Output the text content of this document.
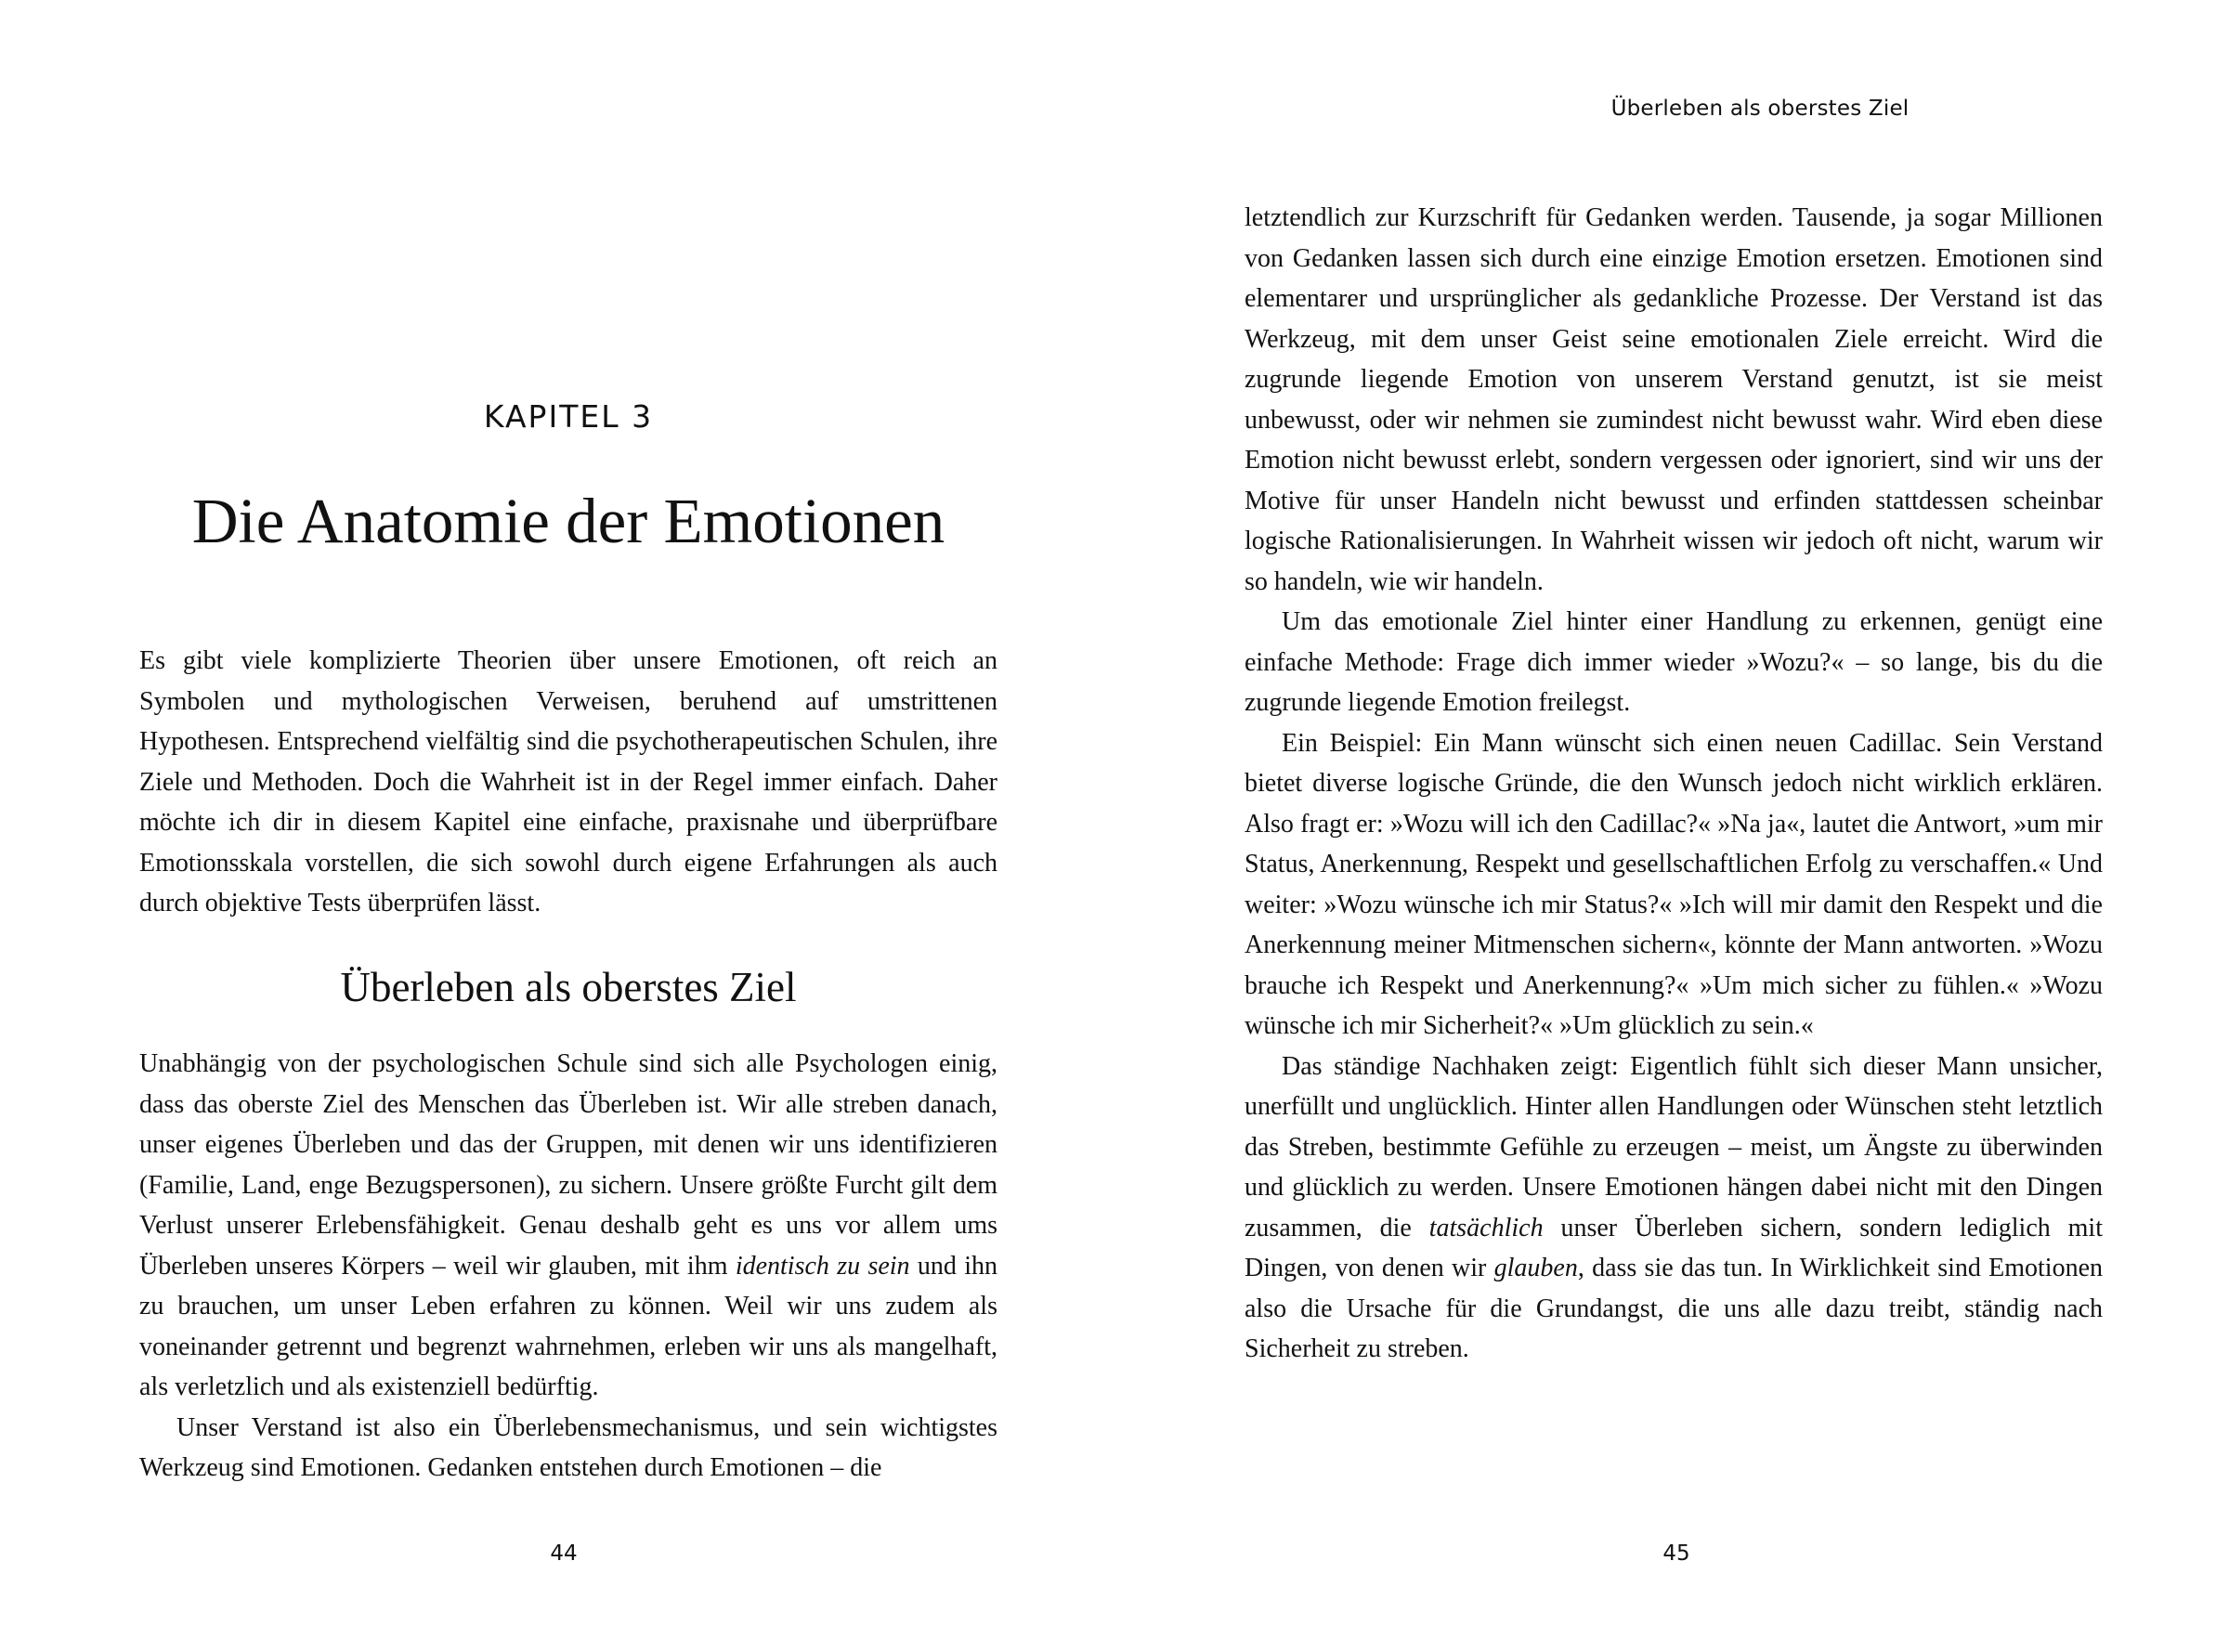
KAPITEL 3
Die Anatomie der Emotionen

Es gibt viele komplizierte Theorien über unsere Emotionen, oft reich an Symbolen und mythologischen Verweisen, beruhend auf umstrittenen Hypothesen. Entsprechend vielfältig sind die psychotherapeutischen Schulen, ihre Ziele und Methoden. Doch die Wahrheit ist in der Regel immer einfach. Daher möchte ich dir in diesem Kapitel eine einfache, praxisnahe und überprüfbare Emotionsskala vorstellen, die sich sowohl durch eigene Erfahrungen als auch durch objektive Tests überprüfen lässt.

Überleben als oberstes Ziel

Unabhängig von der psychologischen Schule sind sich alle Psychologen einig, dass das oberste Ziel des Menschen das Überleben ist. Wir alle streben danach, unser eigenes Überleben und das der Gruppen, mit denen wir uns identifizieren (Familie, Land, enge Bezugspersonen), zu sichern. Unsere größte Furcht gilt dem Verlust unserer Erlebensfähigkeit. Genau deshalb geht es uns vor allem ums Überleben unseres Körpers – weil wir glauben, mit ihm identisch zu sein und ihn zu brauchen, um unser Leben erfahren zu können. Weil wir uns zudem als voneinander getrennt und begrenzt wahrnehmen, erleben wir uns als mangelhaft, als verletzlich und als existenziell bedürftig.

Unser Verstand ist also ein Überlebensmechanismus, und sein wichtigstes Werkzeug sind Emotionen. Gedanken entstehen durch Emotionen – die

44
Überleben als oberstes Ziel

letztendlich zur Kurzschrift für Gedanken werden. Tausende, ja sogar Millionen von Gedanken lassen sich durch eine einzige Emotion ersetzen. Emotionen sind elementarer und ursprünglicher als gedankliche Prozesse. Der Verstand ist das Werkzeug, mit dem unser Geist seine emotionalen Ziele erreicht. Wird die zugrunde liegende Emotion von unserem Verstand genutzt, ist sie meist unbewusst, oder wir nehmen sie zumindest nicht bewusst wahr. Wird eben diese Emotion nicht bewusst erlebt, sondern vergessen oder ignoriert, sind wir uns der Motive für unser Handeln nicht bewusst und erfinden stattdessen scheinbar logische Rationalisierungen. In Wahrheit wissen wir jedoch oft nicht, warum wir so handeln, wie wir handeln.

Um das emotionale Ziel hinter einer Handlung zu erkennen, genügt eine einfache Methode: Frage dich immer wieder »Wozu?« – so lange, bis du die zugrunde liegende Emotion freilegst.

Ein Beispiel: Ein Mann wünscht sich einen neuen Cadillac. Sein Verstand bietet diverse logische Gründe, die den Wunsch jedoch nicht wirklich erklären. Also fragt er: »Wozu will ich den Cadillac?« »Na ja«, lautet die Antwort, »um mir Status, Anerkennung, Respekt und gesellschaftlichen Erfolg zu verschaffen.« Und weiter: »Wozu wünsche ich mir Status?« »Ich will mir damit den Respekt und die Anerkennung meiner Mitmenschen sichern«, könnte der Mann antworten. »Wozu brauche ich Respekt und Anerkennung?« »Um mich sicher zu fühlen.« »Wozu wünsche ich mir Sicherheit?« »Um glücklich zu sein.«

Das ständige Nachhaken zeigt: Eigentlich fühlt sich dieser Mann unsicher, unerfüllt und unglücklich. Hinter allen Handlungen oder Wünschen steht letztlich das Streben, bestimmte Gefühle zu erzeugen – meist, um Ängste zu überwinden und glücklich zu werden. Unsere Emotionen hängen dabei nicht mit den Dingen zusammen, die tatsächlich unser Überleben sichern, sondern lediglich mit Dingen, von denen wir glauben, dass sie das tun. In Wirklichkeit sind Emotionen also die Ursache für die Grundangst, die uns alle dazu treibt, ständig nach Sicherheit zu streben.

45
